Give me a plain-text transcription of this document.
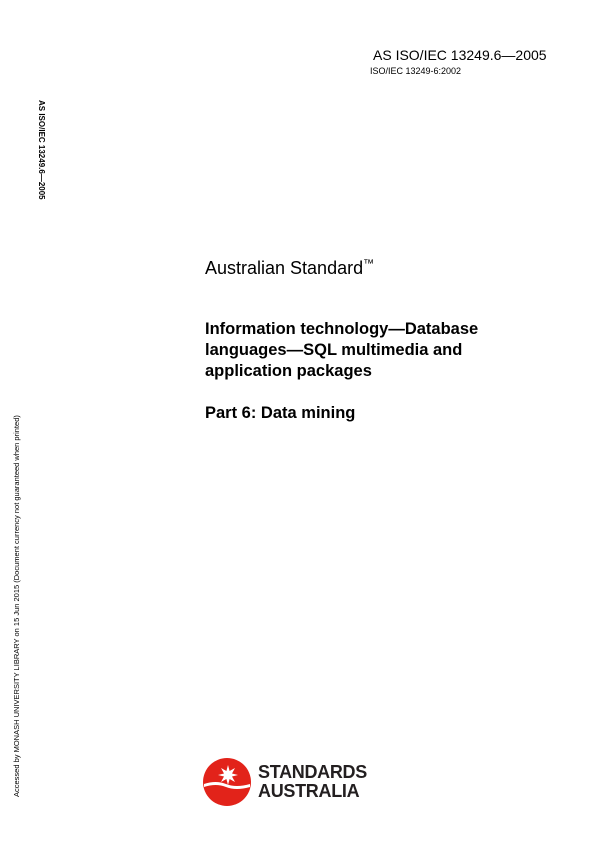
AS ISO/IEC 13249.6—2005
ISO/IEC 13249-6:2002
AS ISO/IEC 13249.6—2005
Accessed by MONASH UNIVERSITY LIBRARY on 15 Jun 2015 (Document currency not guaranteed when printed)
Australian Standard™
Information technology—Database
languages—SQL multimedia and
application packages
Part 6: Data mining
STANDARDS
AUSTRALIA
